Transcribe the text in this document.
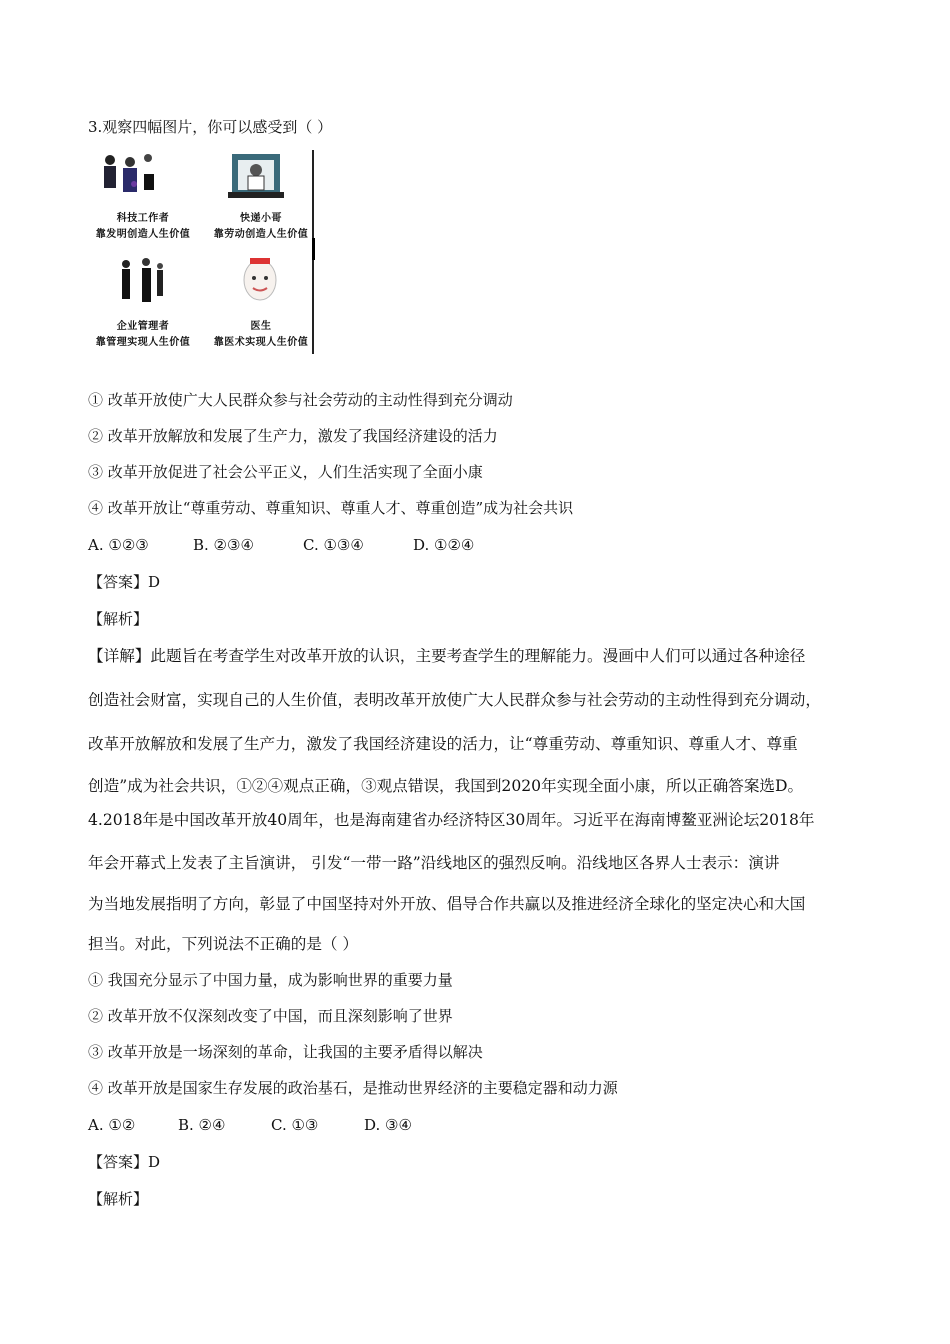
3.观察四幅图片，你可以感受到（ ）
科技工作者
靠发明创造人生价值
快递小哥
靠劳动创造人生价值
企业管理者
靠管理实现人生价值
医生
靠医术实现人生价值
① 改革开放使广大人民群众参与社会劳动的主动性得到充分调动
② 改革开放解放和发展了生产力，激发了我国经济建设的活力
③ 改革开放促进了社会公平正义，人们生活实现了全面小康
④ 改革开放让“尊重劳动、尊重知识、尊重人才、尊重创造”成为社会共识
A. ①②③	B. ②③④	C. ①③④	D. ①②④
【答案】D
【解析】
【详解】此题旨在考查学生对改革开放的认识，主要考查学生的理解能力。漫画中人们可以通过各种途径
创造社会财富，实现自己的人生价值，表明改革开放使广大人民群众参与社会劳动的主动性得到充分调动，
改革开放解放和发展了生产力，激发了我国经济建设的活力，让“尊重劳动、尊重知识、尊重人才、尊重
创造”成为社会共识，①②④观点正确，③观点错误，我国到2020年实现全面小康，所以正确答案选D。
4.2018年是中国改革开放40周年，也是海南建省办经济特区30周年。习近平在海南博鳌亚洲论坛2018年
年会开幕式上发表了主旨演讲， 引发“一带一路”沿线地区的强烈反响。沿线地区各界人士表示：演讲
为当地发展指明了方向，彰显了中国坚持对外开放、倡导合作共赢以及推进经济全球化的坚定决心和大国
担当。对此，下列说法不正确的是（ ）
① 我国充分显示了中国力量，成为影响世界的重要力量
② 改革开放不仅深刻改变了中国，而且深刻影响了世界
③ 改革开放是一场深刻的革命，让我国的主要矛盾得以解决
④ 改革开放是国家生存发展的政治基石，是推动世界经济的主要稳定器和动力源
A. ①②	B. ②④	C. ①③	D. ③④
【答案】D
【解析】
